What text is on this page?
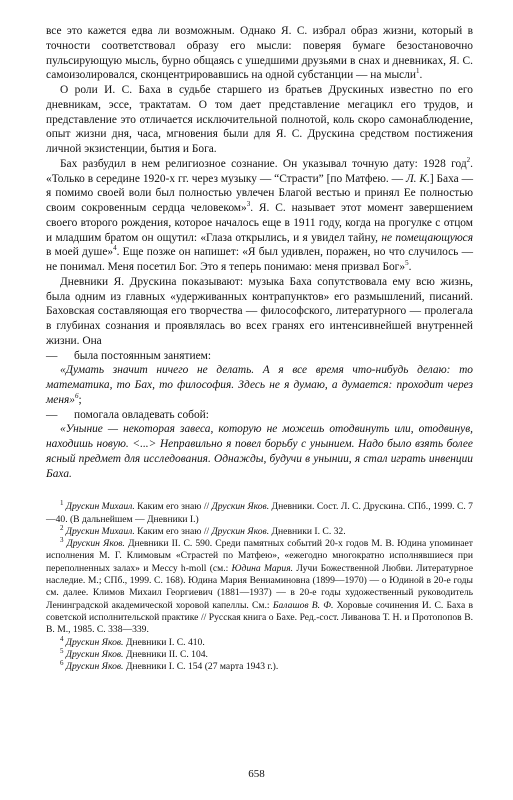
все это кажется едва ли возможным. Однако Я. С. избрал образ жизни, который в точности соответствовал образу его мысли: поверяя бумаге безостановочно пульсирующую мысль, бурно общаясь с ушедшими друзьями в снах и дневниках, Я. С. самоизолировался, сконцентрировавшись на одной субстанции — на мысли$^1$.

О роли И. С. Баха в судьбе старшего из братьев Друскиных известно по его дневникам, эссе, трактатам. О том дает представление мегацикл его трудов, и представление это отличается исключительной полнотой, коль скоро самонаблюдение, опыт жизни дня, часа, мгновения были для Я. С. Друскина средством постижения личной экзистенции, бытия и Бога.

Бах разбудил в нем религиозное сознание. Он указывал точную дату: 1928 год$^2$. «Только в середине 1920-х гг. через музыку — “Страсти” [по Матфею. — Л. К.] Баха — я помимо своей воли был полностью увлечен Благой вестью и принял Ее полностью своим сокровенным сердца человеком»$^3$. Я. С. называет этот момент завершением своего второго рождения, которое началось еще в 1911 году, когда на прогулке с отцом и младшим братом он ощутил: «Глаза открылись, и я увидел тайну, не помещающуюся в моей душе»$^4$. Еще позже он напишет: «Я был удивлен, поражен, но что случилось — не понимал. Меня посетил Бог. Это я теперь понимаю: меня призвал Бог»$^5$.

Дневники Я. Друскина показывают: музыка Баха сопутствовала ему всю жизнь, была одним из главных «удерживанных контрапунктов» его размышлений, писаний. Баховская составляющая его творчества — философского, литературного — пролегала в глубинах сознания и проявлялась во всех гранях его интенсивнейшей внутренней жизни. Она

—	была постоянным занятием:

«Думать значит ничего не делать. А я все время что-нибудь делаю: то математика, то Бах, то философия. Здесь не я думаю, а думается: проходит через меня»$^6$;

—	помогала овладевать собой:

«Уныние — некоторая завеса, которую не можешь отодвинуть или, отодвинув, находишь новую. <...> Неправильно я повел борьбу с унынием. Надо было взять более ясный предмет для исследования. Однажды, будучи в унынии, я стал играть инвенции Баха.

$^1$ Друскин Михаил. Каким его знаю // Друскин Яков. Дневники. Сост. Л. С. Друскина. СПб., 1999. С. 7—40. (В дальнейшем — Дневники I.)

$^2$ Друскин Михаил. Каким его знаю // Друскин Яков. Дневники I. С. 32.

$^3$ Друскин Яков. Дневники II. С. 590. Среди памятных событий 20-х годов М. В. Юдина упоминает исполнения М. Г. Климовым «Страстей по Матфею», «ежегодно многократно исполнявшиеся при переполненных залах» и Мессу h-moll (см.: Юдина Мария. Лучи Божественной Любви. Литературное наследие. М.; СПб., 1999. С. 168). Юдина Мария Вениаминовна (1899—1970) — о Юдиной в 20-е годы см. далее. Климов Михаил Георгиевич (1881—1937) — в 20-е годы художественный руководитель Ленинградской академической хоровой капеллы. См.: Балашов В. Ф. Хоровые сочинения И. С. Баха в советской исполнительской практике // Русская книга о Бахе. Ред.-сост. Ливанова Т. Н. и Протопопов В. В. М., 1985. С. 338—339.

$^4$ Друскин Яков. Дневники I. С. 410.

$^5$ Друскин Яков. Дневники II. С. 104.

$^6$ Друскин Яков. Дневники I. С. 154 (27 марта 1943 г.).

658
